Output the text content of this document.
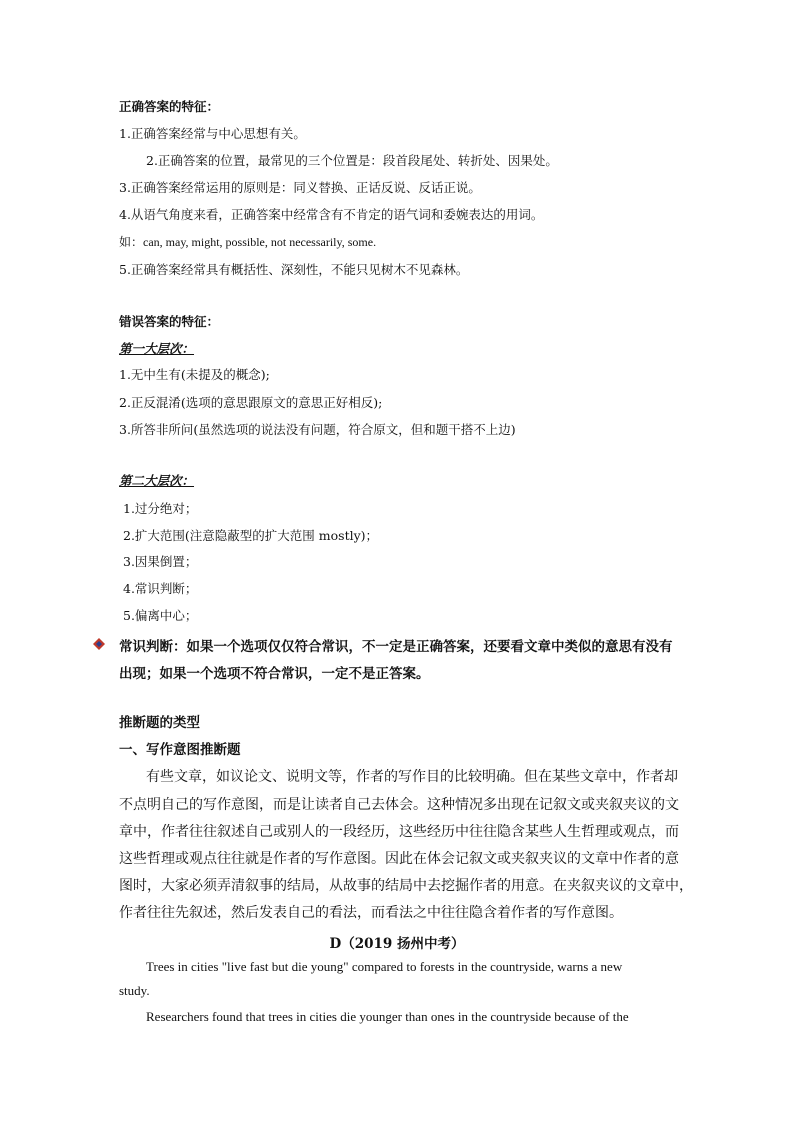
正确答案的特征：
1.正确答案经常与中心思想有关。
2.正确答案的位置，最常见的三个位置是：段首段尾处、转折处、因果处。
3.正确答案经常运用的原则是：同义替换、正话反说、反话正说。
4.从语气角度来看，正确答案中经常含有不肯定的语气词和委婉表达的用词。
如：can, may, might, possible, not necessarily, some.
5.正确答案经常具有概括性、深刻性，不能只见树木不见森林。
错误答案的特征：
第一大层次：
1.无中生有(未提及的概念);
2.正反混淆(选项的意思跟原文的意思正好相反);
3.所答非所问(虽然选项的说法没有问题，符合原文，但和题干搭不上边)
第二大层次：
1.过分绝对；
2.扩大范围(注意隐蔽型的扩大范围 mostly)；
3.因果倒置；
4.常识判断；
5.偏离中心；
常识判断：如果一个选项仅仅符合常识，不一定是正确答案，还要看文章中类似的意思有没有出现；如果一个选项不符合常识，一定不是正答案。
推断题的类型
一、写作意图推断题
有些文章，如议论文、说明文等，作者的写作目的比较明确。但在某些文章中，作者却
不点明自己的写作意图，而是让读者自己去体会。这种情况多出现在记叙文或夹叙夹议的文
章中，作者往往叙述自己或别人的一段经历，这些经历中往往隐含某些人生哲理或观点，而
这些哲理或观点往往就是作者的写作意图。因此在体会记叙文或夹叙夹议的文章中作者的意
图时，大家必须弄清叙事的结局，从故事的结局中去挖掘作者的用意。在夹叙夹议的文章中，
作者往往先叙述，然后发表自己的看法，而看法之中往往隐含着作者的写作意图。
D（2019 扬州中考）
Trees in cities "live fast but die young" compared to forests in the countryside, warns a new
study.
Researchers found that trees in cities die younger than ones in the countryside because of the
